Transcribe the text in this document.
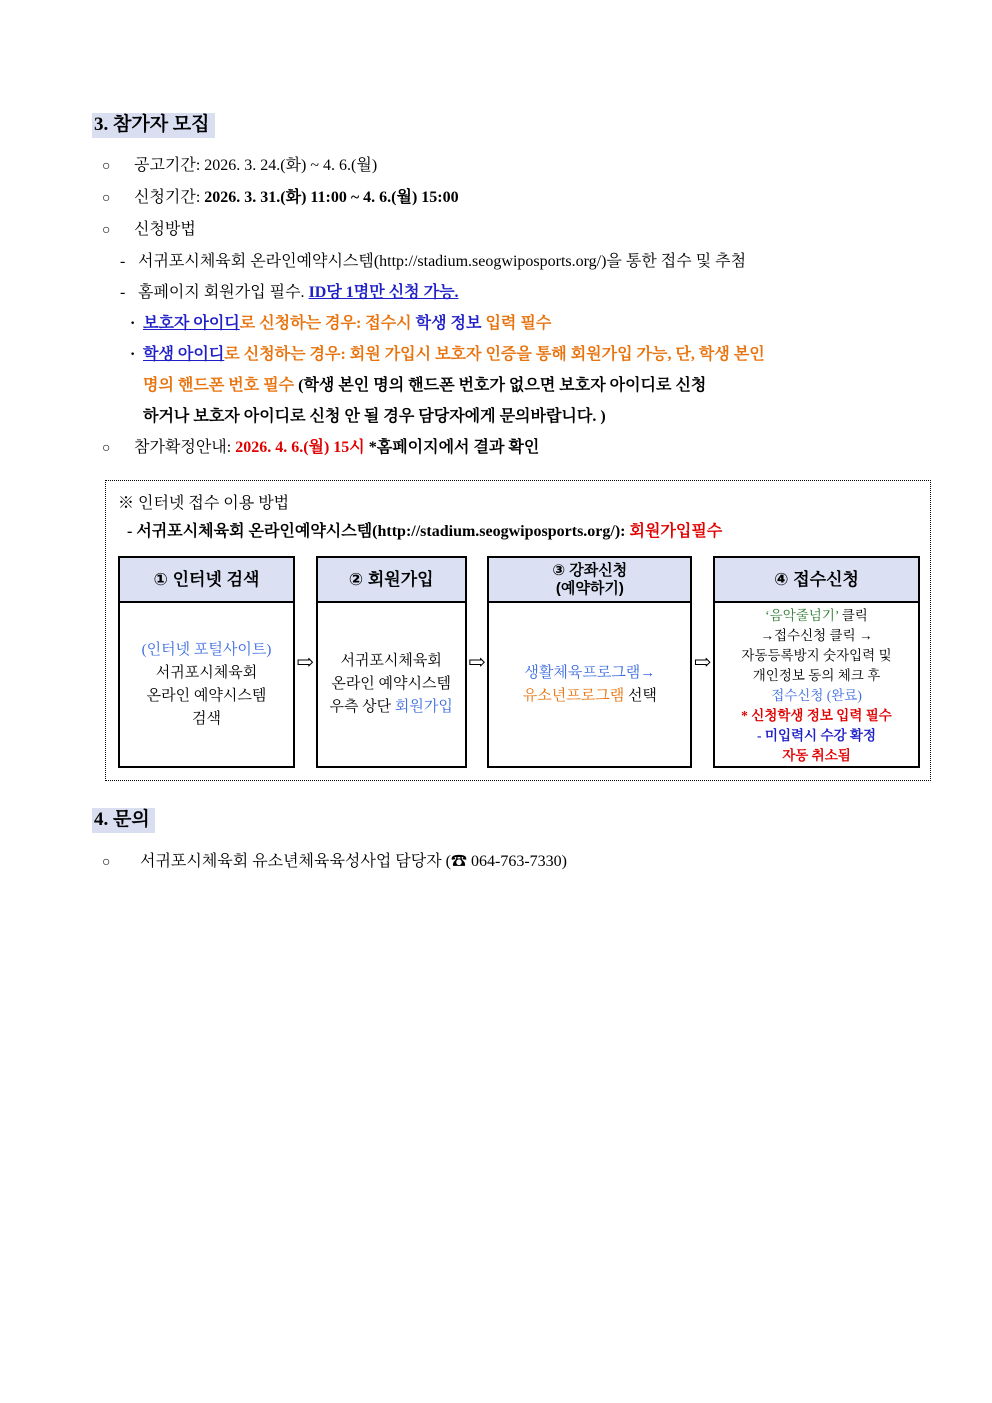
3. 참가자 모집
○ 공고기간: 2026. 3. 24.(화) ~ 4. 6.(월)
○ 신청기간: 2026. 3. 31.(화) 11:00 ~ 4. 6.(월) 15:00
○ 신청방법
- 서귀포시체육회 온라인예약시스템(http://stadium.seogwiposports.org/)을 통한 접수 및 추첨
- 홈페이지 회원가입 필수. ID당 1명만 신청 가능.
· 보호자 아이디로 신청하는 경우: 접수시 학생 정보 입력 필수
· 학생 아이디로 신청하는 경우: 회원 가입시 보호자 인증을 통해 회원가입 가능, 단, 학생 본인
명의 핸드폰 번호 필수 (학생 본인 명의 핸드폰 번호가 없으면 보호자 아이디로 신청
하거나 보호자 아이디로 신청 안 될 경우 담당자에게 문의바랍니다. )
○ 참가확정안내: 2026. 4. 6.(월) 15시 *홈페이지에서 결과 확인
※ 인터넷 접수 이용 방법
- 서귀포시체육회 온라인예약시스템(http://stadium.seogwiposports.org/): 회원가입필수
① 인터넷 검색
(인터넷 포털사이트)
서귀포시체육회
온라인 예약시스템
검색
⇨
② 회원가입
서귀포시체육회
온라인 예약시스템
우측 상단 회원가입
⇨
③ 강좌신청
(예약하기)
생활체육프로그램→
유소년프로그램 선택
⇨
④ 접수신청
‘음악줄넘기’ 클릭
→접수신청 클릭 →
자동등록방지 숫자입력 및
개인정보 동의 체크 후
접수신청 (완료)
* 신청학생 정보 입력 필수
- 미입력시 수강 확정
자동 취소됨
4. 문의
○ 서귀포시체육회 유소년체육육성사업 담당자 (☎ 064-763-7330)
